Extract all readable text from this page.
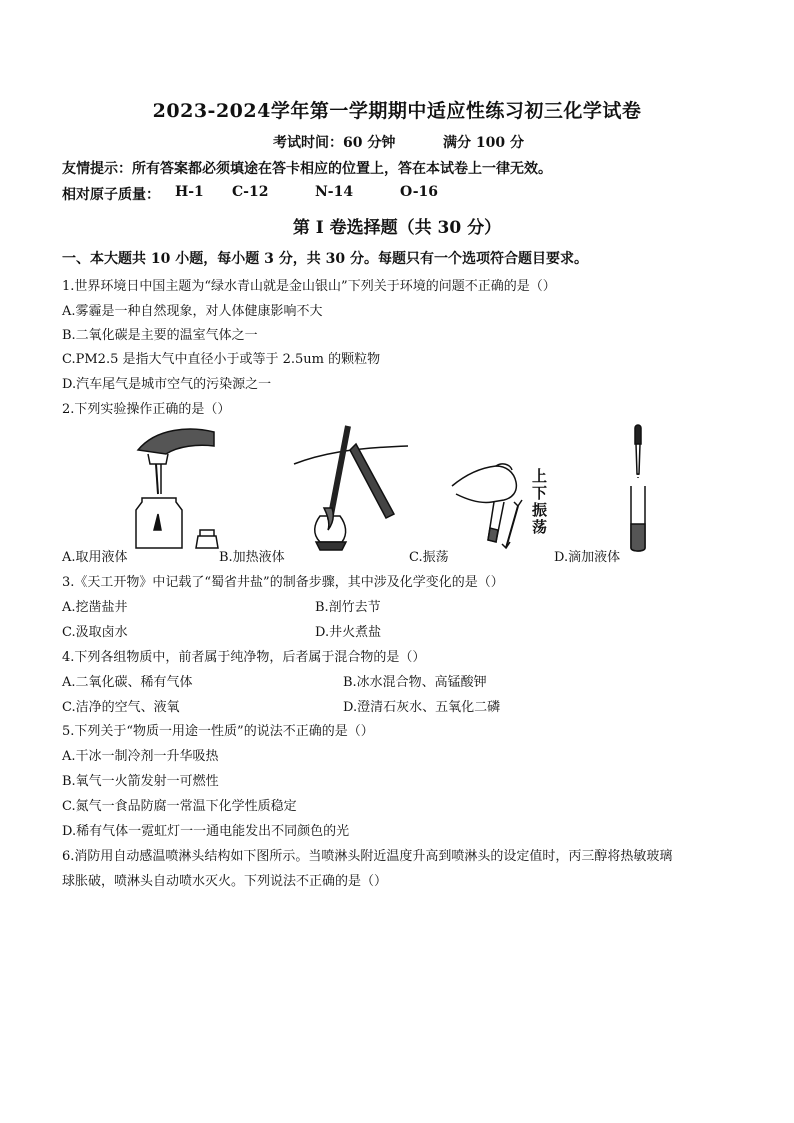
2023-2024学年第一学期期中适应性练习初三化学试卷
考试时间：60 分钟	满分 100 分
友情提示：所有答案都必须填途在答卡相应的位置上，答在本试卷上一律无效。
相对原子质量： H-1 C-12	N-14	O-16
第 I 卷选择题（共 30 分）
一、本大题共 10 小题，每小题 3 分，共 30 分。每题只有一个选项符合题目要求。
1.世界环境日中国主题为“绿水青山就是金山银山”下列关于环境的问题不正确的是（）
A.雾霾是一种自然现象，对人体健康影响不大
B.二氧化碳是主要的温室气体之一
C.PM2.5 是指大气中直径小于或等于 2.5um 的颗粒物
D.汽车尾气是城市空气的污染源之一
2.下列实验操作正确的是（）
A.取用液体	B.加热液体
上
下
振
荡
C.振荡	D.滴加液体
3.《天工开物》中记载了“蜀省井盐”的制备步骤，其中涉及化学变化的是（）
A.挖凿盐井	B.剖竹去节
C.汲取卤水	D.井火煮盐
4.下列各组物质中，前者属于纯净物，后者属于混合物的是（）
A.二氧化碳、稀有气体	B.冰水混合物、高锰酸钾
C.洁净的空气、液氧	D.澄清石灰水、五氧化二磷
5.下列关于“物质一用途一性质”的说法不正确的是（）
A.干冰一制冷剂一升华吸热
B.氧气一火箭发射一可燃性
C.氮气一食品防腐一常温下化学性质稳定
D.稀有气体一霓虹灯一一通电能发出不同颜色的光
6.消防用自动感温喷淋头结构如下图所示。当喷淋头附近温度升高到喷淋头的设定值时，丙三醇将热敏玻璃
球胀破，喷淋头自动喷水灭火。下列说法不正确的是（）
